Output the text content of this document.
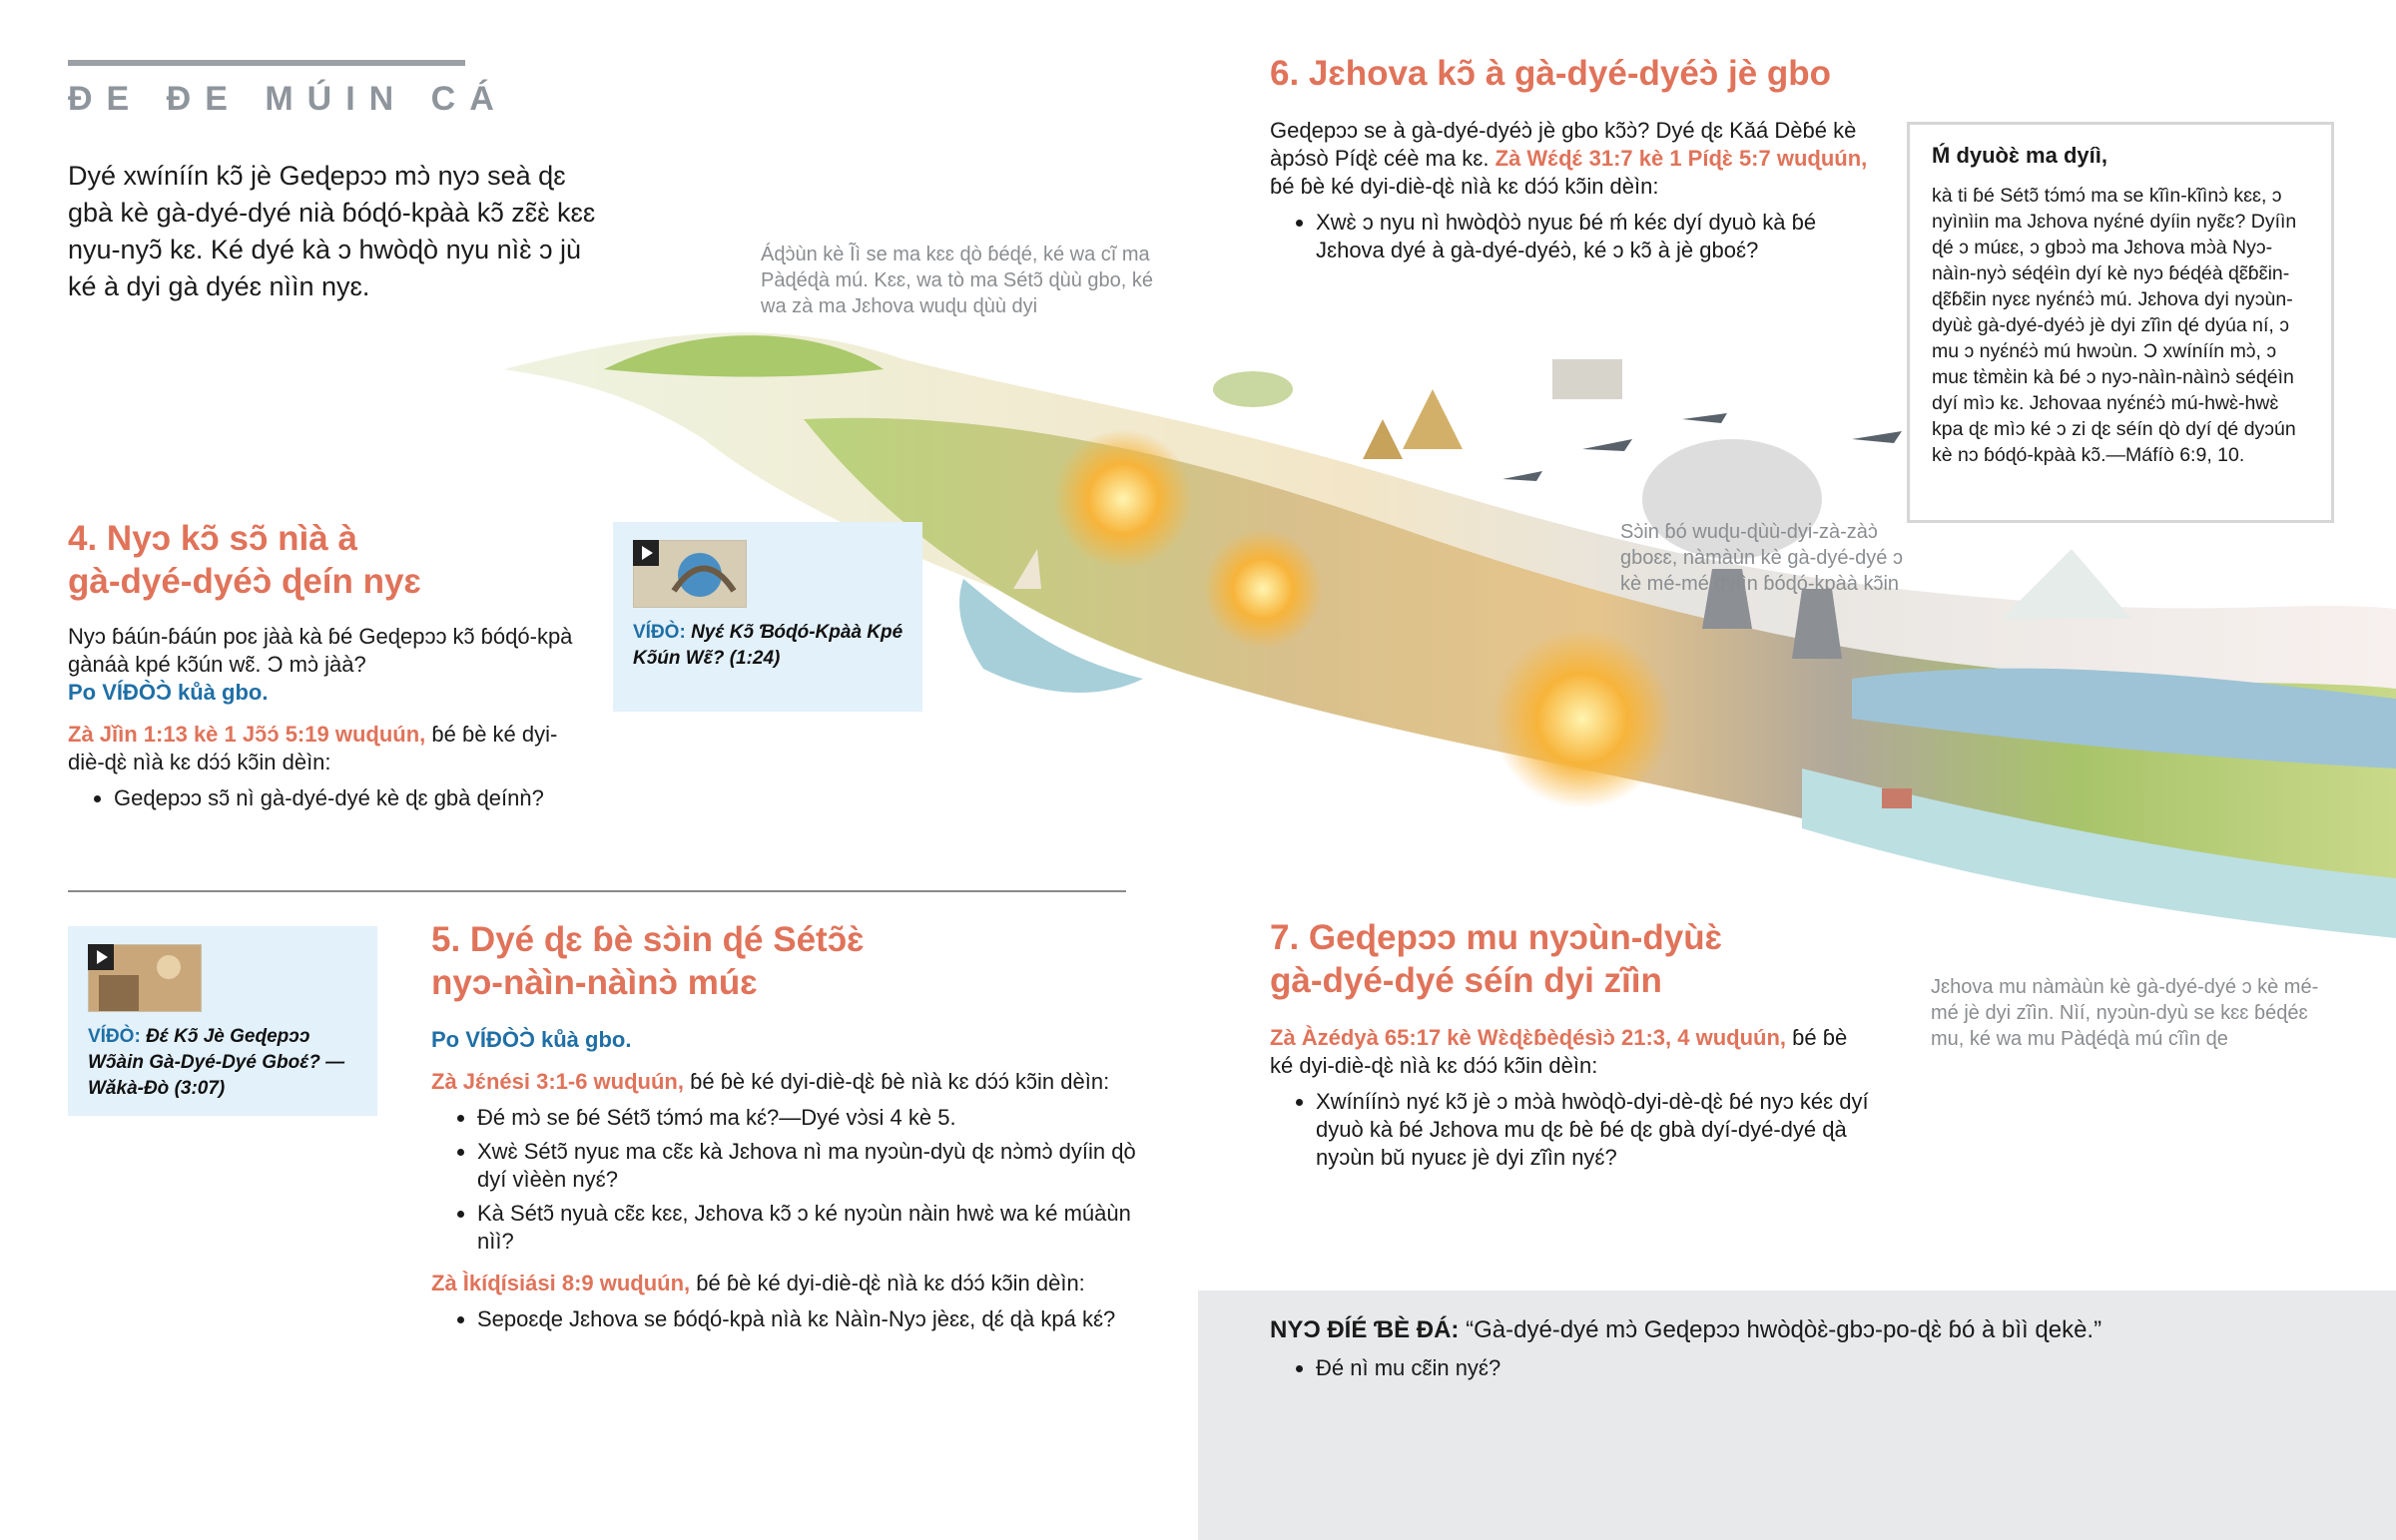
ƉE ƉE MÚIN CÁ
Dyé xwíníín kɔ̃ jè Geɖepɔɔ mɔ̀ nyɔ seà ɖɛ gbà kè gà-dyé-dyé nià ɓóɖó-kpàà kɔ̃ zɛ̃ɛ̀ kɛɛ nyu-nyɔ̃ kɛ. Ké dyé kà ɔ hwòɖò nyu nìɛ̀ ɔ jù ké à dyi gà dyéɛ nììn nyɛ.
Áɖɔ̀ùn kè Ĩì se ma kɛɛ ɖò ɓéɖé, ké wa cĩ ma Pàɖéɖà mú. Kɛɛ, wa tò ma Sétɔ̃ ɖùù gbo, ké wa zà ma Jɛhova wuɖu ɖùù dyi
Sɔ̀in ɓó wuɖu-ɖùù-dyi-zà-zàɔ̀ gboɛɛ, nàmàùn kè gà-dyé-dyé ɔ kè mé-mé dyíìn ɓóɖó-kpàà kɔ̃in
Jɛhova mu nàmàùn kè gà-dyé-dyé ɔ kè mé-mé jè dyi zĩìn. Nìí, nyɔùn-dyù se kɛɛ ɓéɖéɛ mu, ké wa mu Pàɖéɖà mú cĩìn ɖe
4. Nyɔ kɔ̃ sɔ̃ nìà à
gà-dyé-dyéɔ̀ ɖeín nyɛ
Nyɔ ɓáún-ɓáún poɛ jàà kà ɓé Geɖepɔɔ kɔ̃ ɓóɖó-kpà gànáà kpé kɔ̃ún wɛ̃. Ɔ mɔ̀ jàà?
Po VÍƉÒƆ̀ kůà gbo.
Zà Jǐìn 1:13 kè 1 Jɔ̃ɔ́ 5:19 wuɖuún, ɓé ɓè ké dyi-diè-ɖɛ̀ nìà kɛ dɔ́ɔ́ kɔ̃in dèìn:
• Geɖepɔɔ sɔ̃ nì gà-dyé-dyé kè ɖɛ gbà ɖeínǹ?
VÍƉÒ: Nyɛ́ Kɔ̃ Ɓóɖó-Kpàà Kpé Kɔ̃ún Wɛ̃? (1:24)
VÍƉÒ: Ɖɛ́ Kɔ̃ Jè Geɖepɔɔ Wɔ̃àin Gà-Dyé-Dyé Gboɛ́? —Wǎkà-Ɖò (3:07)
5. Dyé ɖɛ ɓè sɔ̀in ɖé Sétɔ̃ɛ̀
nyɔ-nàìn-nàìnɔ̀ múɛ
Po VÍƉÒƆ̀ kůà gbo.
Zà Jɛ́nési 3:1-6 wuɖuún, ɓé ɓè ké dyi-diè-ɖɛ̀ ɓè nìà kɛ dɔ́ɔ́ kɔ̃in dèìn:
• Ɖé mɔ̀ se ɓé Sétɔ̃ tɔ́mɔ́ ma kɛ́?—Dyé vɔ̀si 4 kè 5.
• Xwɛ̀ Sétɔ̃ nyuɛ ma cɛ̃ɛ kà Jɛhova nì ma nyɔùn-dyù ɖɛ nɔ̀mɔ̀ dyíin ɖò dyí vìèèn nyɛ́?
• Kà Sétɔ̃ nyuà cɛ̃ɛ kɛɛ, Jɛhova kɔ̃ ɔ ké nyɔùn nàin hwɛ̀ wa ké múàùn nìì?
Zà Ìkíɖísiási 8:9 wuɖuún, ɓé ɓè ké dyi-diè-ɖɛ̀ nìà kɛ dɔ́ɔ́ kɔ̃in dèìn:
• Sepoɛɖe Jɛhova se ɓóɖó-kpà nìà kɛ Nàìn-Nyɔ jèɛɛ, ɖɛ́ ɖà kpá kɛ́?
6. Jɛhova kɔ̃ à gà-dyé-dyéɔ̀ jè gbo
Geɖepɔɔ se à gà-dyé-dyéɔ̀ jè gbo kɔ̃ɔ̀? Dyé ɖɛ Kǎá Dèɓé kè àpɔ́sò Píɖɛ̀ céè ma kɛ. Zà Wɛ́ɖɛ́ 31:7 kè 1 Píɖɛ̀ 5:7 wuɖuún, ɓé ɓè ké dyi-diè-ɖɛ̀ nìà kɛ dɔ́ɔ́ kɔ̃in dèìn:
• Xwɛ̀ ɔ nyu nì hwòɖòɔ̀ nyuɛ ɓé ḿ kéɛ dyí dyuò kà ɓé Jɛhova dyé à gà-dyé-dyéɔ̀, ké ɔ kɔ̃ à jè gboɛ́?
Ḿ dyuòɛ̀ ma dyíì,
kà ti ɓé Sétɔ̃ tɔ́mɔ́ ma se kĩìn-kĩìnɔ̀ kɛɛ, ɔ nyìnìin ma Jɛhova nyɛ́né dyíin nyɛ̃ɛ? Dyíìn ɖé ɔ múɛɛ, ɔ gbɔɔ̀ ma Jɛhova mɔ̀à Nyɔ-nàìn-nyɔ̀ séɖéìn dyí kè nyɔ ɓéɖéà ɖɛ̃ɓɛ̃in-ɖɛ̃ɓɛ̃in nyɛɛ nyɛ́nɛ́ɔ̀ mú. Jɛhova dyi nyɔùn-dyùɛ̀ gà-dyé-dyéɔ̀ jè dyi zĩìn ɖé dyúa ní, ɔ mu ɔ nyɛ́nɛ́ɔ̀ mú hwɔùn. Ɔ xwíníín mɔ̀, ɔ muɛ tɛ̀mɛ̀in kà ɓé ɔ nyɔ-nàìn-nàìnɔ̀ séɖéìn dyí mìɔ kɛ. Jɛhovaa nyɛ́nɛ́ɔ̀ mú-hwɛ̀-hwɛ̀ kpa ɖɛ mìɔ ké ɔ zi ɖɛ séín ɖò dyí ɖé dyɔún kè nɔ ɓóɖó-kpàà kɔ̃.—Máfíò 6:9, 10.
7. Geɖepɔɔ mu nyɔùn-dyùɛ̀
gà-dyé-dyé séín dyi zĩìn
Zà Àzédyà 65:17 kè Wɛ̀ɖɛ̀ɓèɖésìɔ̀ 21:3, 4 wuɖuún, ɓé ɓè ké dyi-diè-ɖɛ̀ nìà kɛ dɔ́ɔ́ kɔ̃in dèìn:
• Xwíníínɔ̀ nyɛ́ kɔ̃ jè ɔ mɔ̀à hwòɖò-dyi-dè-ɖɛ̀ ɓé nyɔ kéɛ dyí dyuò kà ɓé Jɛhova mu ɖɛ ɓè ɓé ɖɛ gbà dyí-dyé-dyé ɖà nyɔùn bǔ nyuɛɛ jè dyi zĩìn nyɛ́?
NYƆ ƉÍÉ ƁÈ ƉÁ: “Gà-dyé-dyé mɔ̀ Geɖepɔɔ hwòɖòɛ̀-gbɔ-po-ɖɛ̀ ɓó à bìì ɖekè.”
• Ɖé nì mu cɛ̃in nyɛ́?
